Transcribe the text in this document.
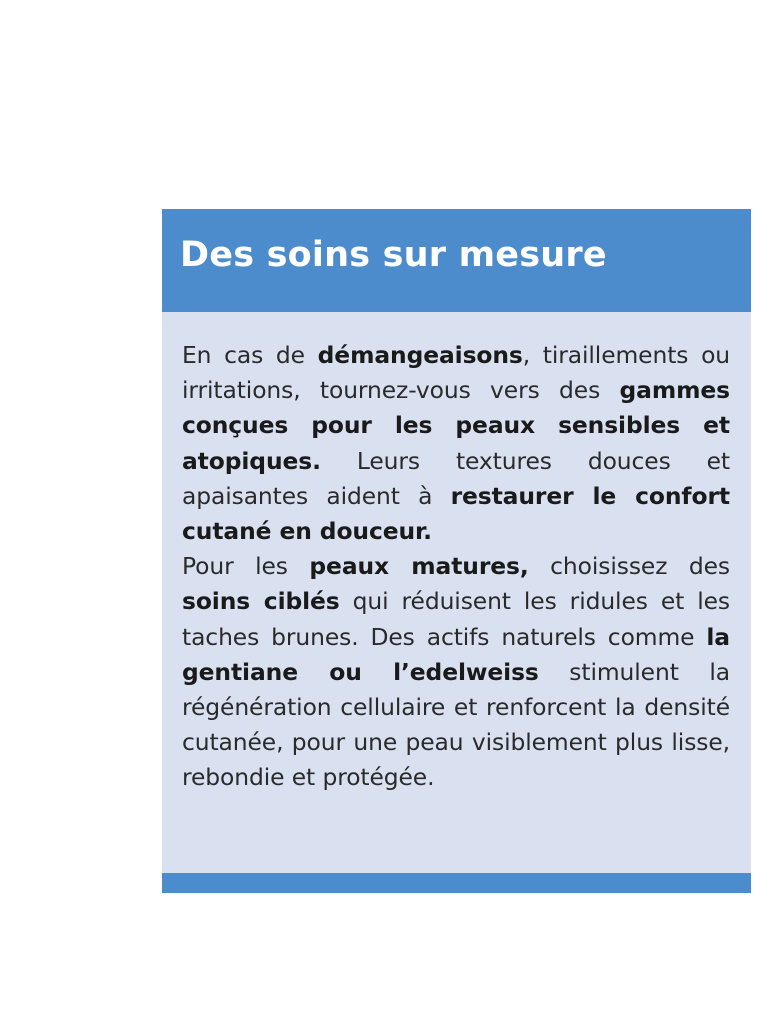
Des soins sur mesure

En cas de démangeaisons, tiraillements ou irritations, tournez-vous vers des gammes conçues pour les peaux sensibles et atopiques. Leurs textures douces et apaisantes aident à restaurer le confort cutané en douceur.

Pour les peaux matures, choisissez des soins ciblés qui réduisent les ridules et les taches brunes. Des actifs naturels comme la gentiane ou l’edelweiss stimulent la régénération cellulaire et renforcent la densité cutanée, pour une peau visiblement plus lisse, rebondie et protégée.
